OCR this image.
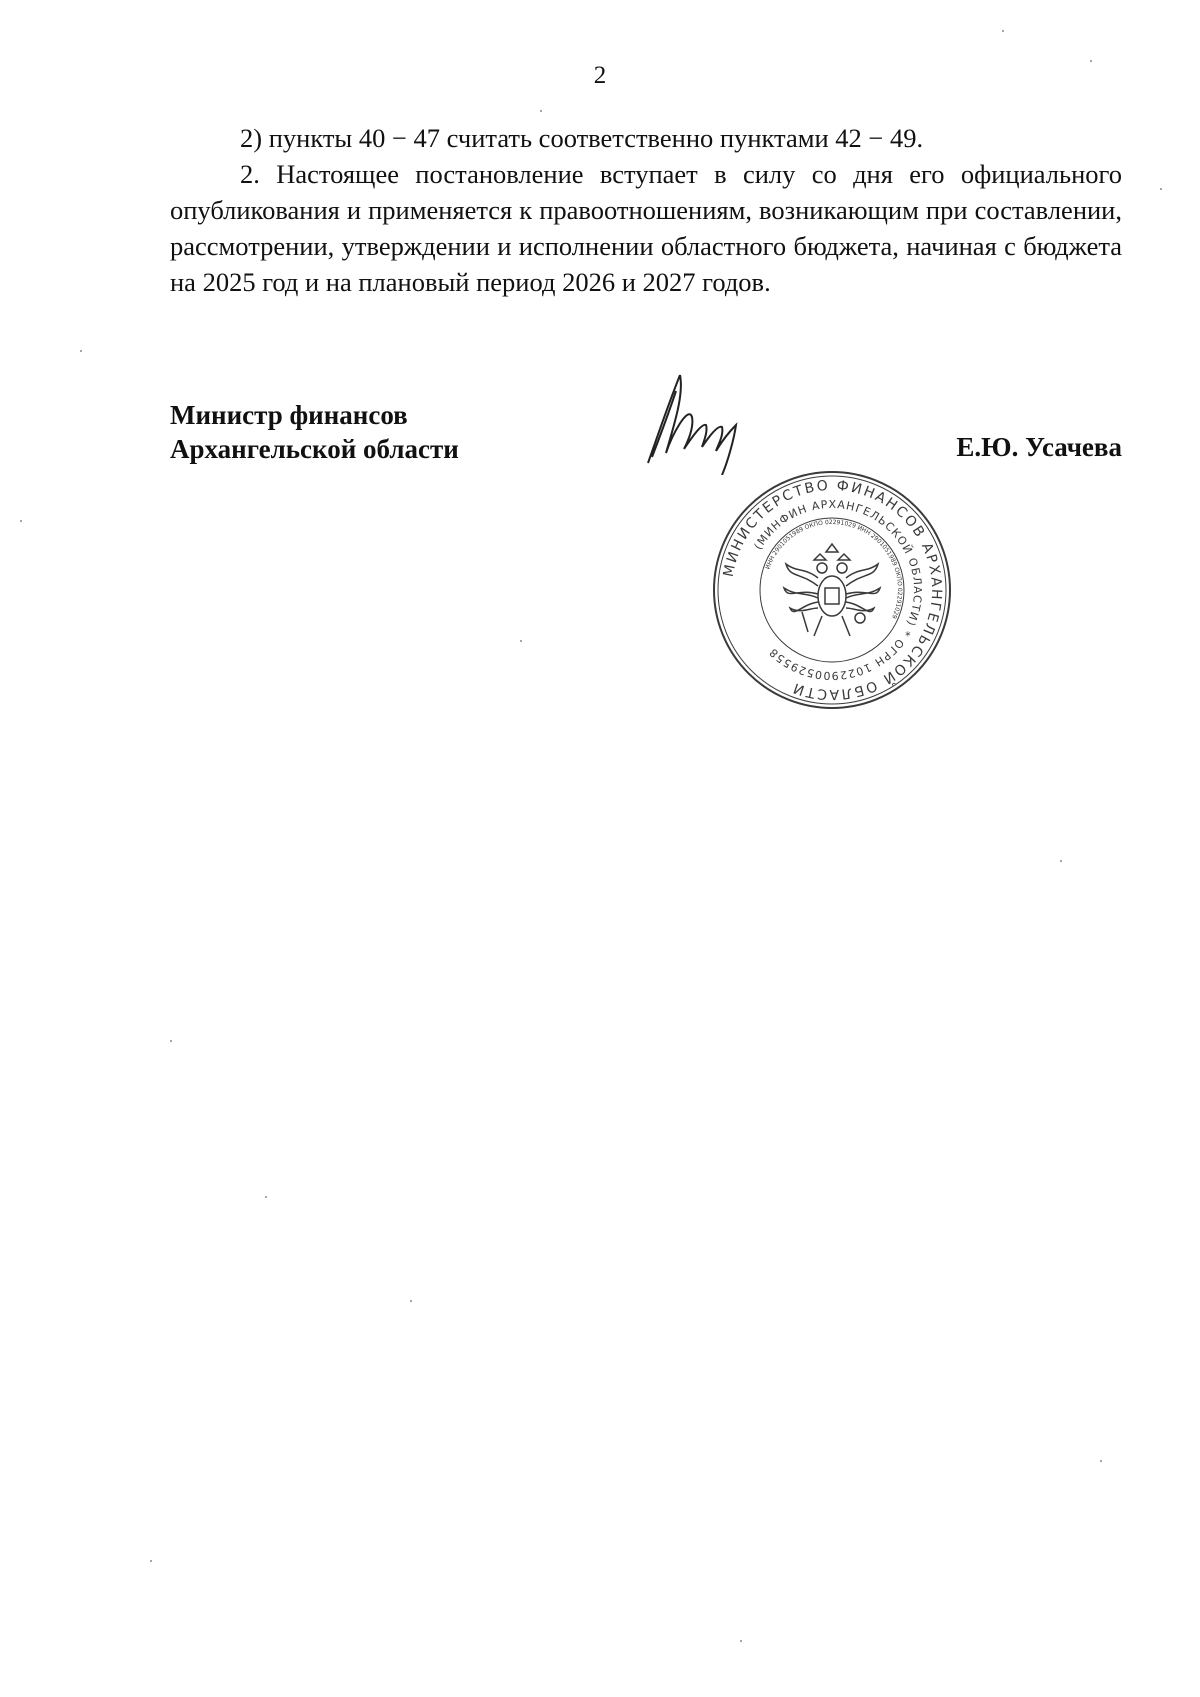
2

2) пункты 40 − 47 считать соответственно пунктами 42 − 49.

2. Настоящее постановление вступает в силу со дня его официального опубликования и применяется к правоотношениям, возникающим при составлении, рассмотрении, утверждении и исполнении областного бюджета, начиная с бюджета на 2025 год и на плановый период 2026 и 2027 годов.

Министр финансов
Архангельской области
МИНИСТЕРСТВО ФИНАНСОВ АРХАНГЕЛЬСКОЙ ОБЛАСТИ
(МИНФИН АРХАНГЕЛЬСКОЙ ОБЛАСТИ) * ОГРН 1022900529558
ИНН 2901051989 ОКПО 02291029 ИНН 2901051989 ОКПО 02291029
Е.Ю. Усачева
